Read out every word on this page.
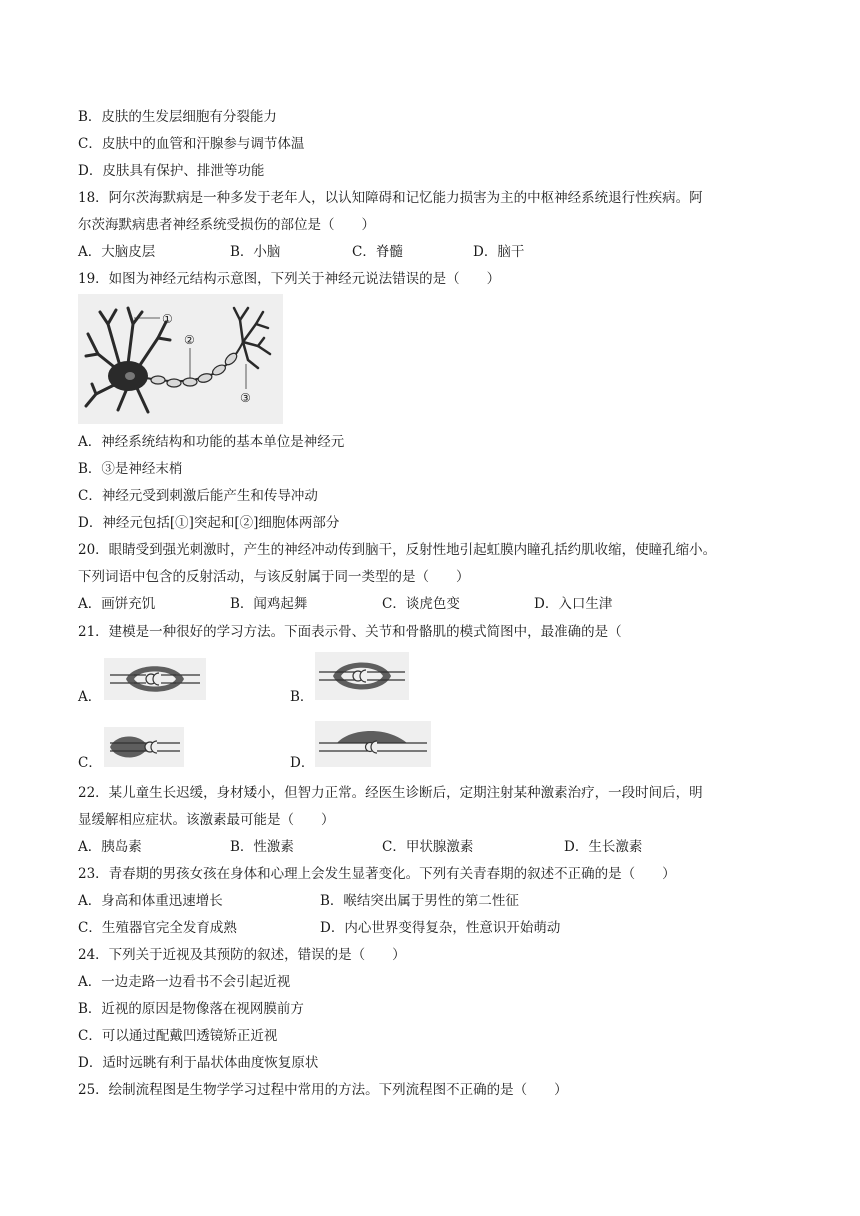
B．皮肤的生发层细胞有分裂能力
C．皮肤中的血管和汗腺参与调节体温
D．皮肤具有保护、排泄等功能
18．阿尔茨海默病是一种多发于老年人，以认知障碍和记忆能力损害为主的中枢神经系统退行性疾病。阿
尔茨海默病患者神经系统受损伤的部位是（　　）
A．大脑皮层	B．小脑	C．脊髓	D．脑干
19．如图为神经元结构示意图，下列关于神经元说法错误的是（　　）
①
②
③
A．神经系统结构和功能的基本单位是神经元
B．③是神经末梢
C．神经元受到刺激后能产生和传导冲动
D．神经元包括[①]突起和[②]细胞体两部分
20．眼睛受到强光刺激时，产生的神经冲动传到脑干，反射性地引起虹膜内瞳孔括约肌收缩，使瞳孔缩小。
下列词语中包含的反射活动，与该反射属于同一类型的是（　　）
A．画饼充饥	B．闻鸡起舞	C．谈虎色变	D．入口生津
21．建模是一种很好的学习方法。下面表示骨、关节和骨骼肌的模式简图中，最准确的是（
A．	B．
C．	D．
22．某儿童生长迟缓，身材矮小，但智力正常。经医生诊断后，定期注射某种激素治疗，一段时间后，明
显缓解相应症状。该激素最可能是（　　）
A．胰岛素	B．性激素	C．甲状腺激素	D．生长激素
23．青春期的男孩女孩在身体和心理上会发生显著变化。下列有关青春期的叙述不正确的是（　　）
A．身高和体重迅速增长	B．喉结突出属于男性的第二性征
C．生殖器官完全发育成熟	D．内心世界变得复杂，性意识开始萌动
24．下列关于近视及其预防的叙述，错误的是（　　）
A．一边走路一边看书不会引起近视
B．近视的原因是物像落在视网膜前方
C．可以通过配戴凹透镜矫正近视
D．适时远眺有利于晶状体曲度恢复原状
25．绘制流程图是生物学学习过程中常用的方法。下列流程图不正确的是（　　）
